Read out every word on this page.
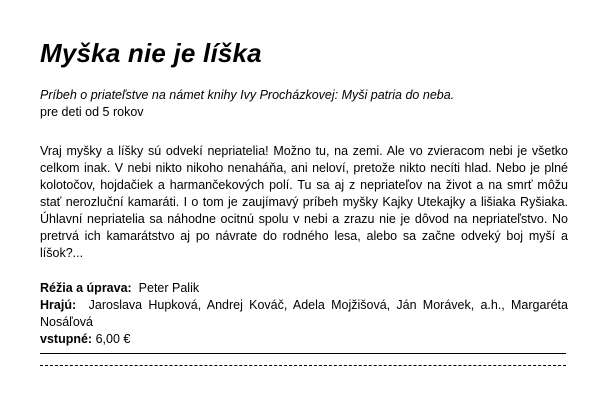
Myška nie je líška
Príbeh o priateľstve na námet knihy Ivy Procházkovej: Myši patria do neba.
pre deti od 5 rokov
Vraj myšky a líšky sú odvekí nepriatelia! Možno tu, na zemi. Ale vo zvieracom nebi je všetko celkom inak. V nebi nikto nikoho nenaháňa, ani neloví, pretože nikto necíti hlad. Nebo je plné kolotočov, hojdačiek a harmančekových polí. Tu sa aj z nepriateľov na život a na smrť môžu stať nerozluční kamaráti. I o tom je zaujímavý príbeh myšky Kajky Utekajky a lišiaka Ryšiaka. Úhlavní nepriatelia sa náhodne ocitnú spolu v nebi a zrazu nie je dôvod na nepriateľstvo. No pretrvá ich kamarátstvo aj po návrate do rodného lesa, alebo sa začne odveký boj myší a líšok?...
Réžia a úprava: Peter Palik
Hrajú: Jaroslava Hupková, Andrej Kováč, Adela Mojžišová, Ján Morávek, a.h., Margaréta Nosáľová
vstupné: 6,00 €
